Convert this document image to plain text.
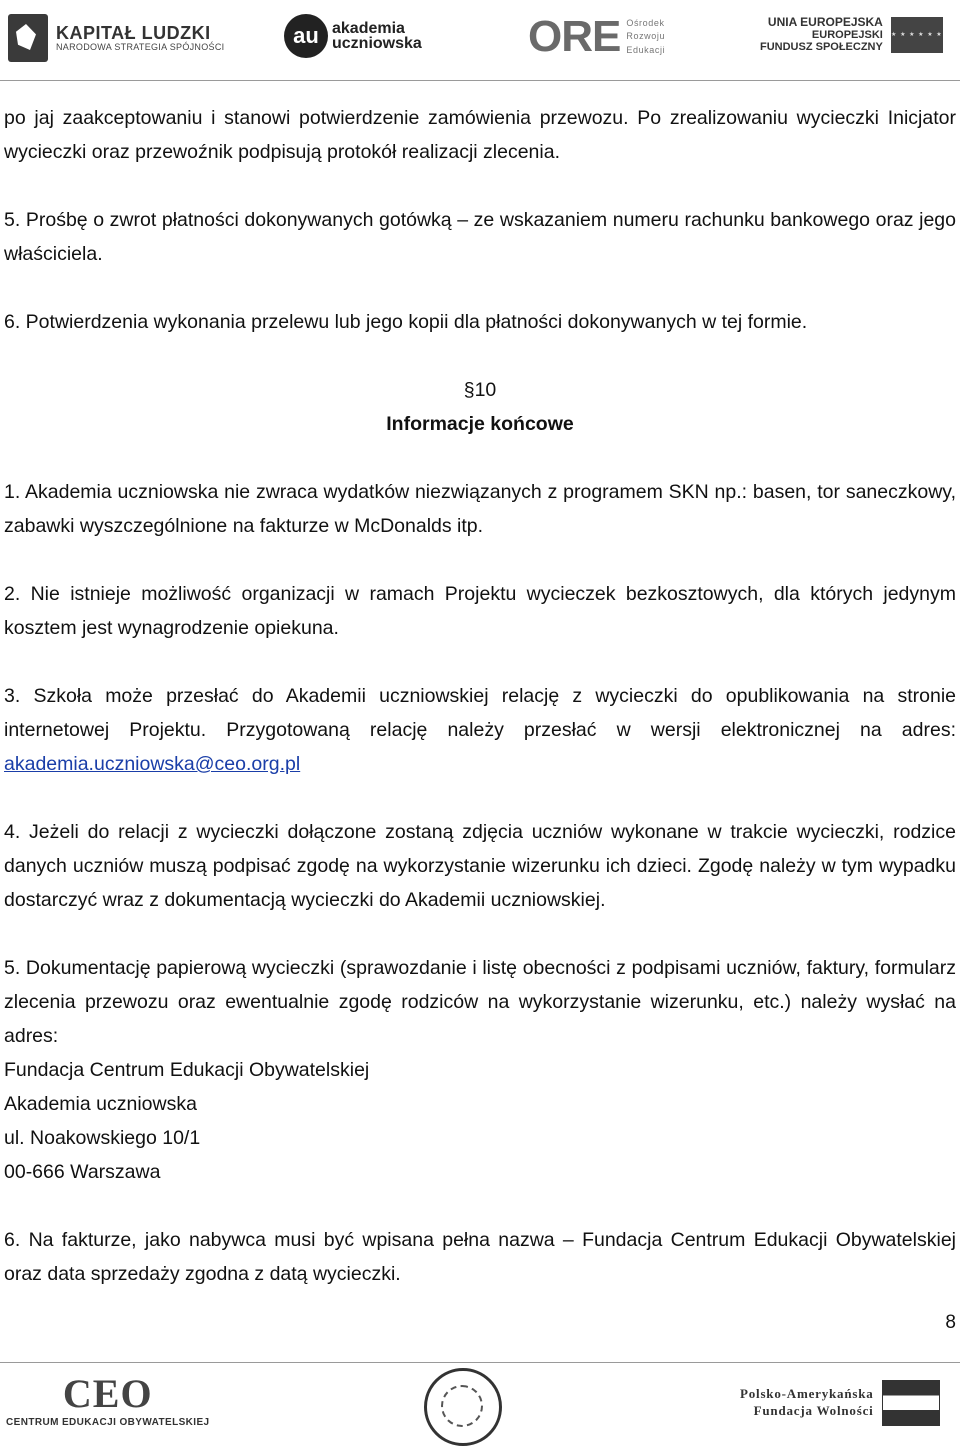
KAPITAŁ LUDZKI
NARODOWA STRATEGIA SPÓJNOŚCI	au akademia
uczniowska ORE Ośrodek
Rozwoju
Edukacji
UNIA EUROPEJSKA
EUROPEJSKI
FUNDUSZ SPOŁECZNY
★ ★ ★ ★ ★ ★

po jaj zaakceptowaniu i stanowi potwierdzenie zamówienia przewozu. Po zrealizowaniu wycieczki Inicjator wycieczki oraz przewoźnik podpisują protokół realizacji zlecenia.

5. Prośbę o zwrot płatności dokonywanych gotówką – ze wskazaniem numeru rachunku bankowego oraz jego właściciela.

6. Potwierdzenia wykonania przelewu lub jego kopii dla płatności dokonywanych w tej formie.

§10

Informacje końcowe

1. Akademia uczniowska nie zwraca wydatków niezwiązanych z programem SKN np.: basen, tor saneczkowy, zabawki wyszczególnione na fakturze w McDonalds itp.

2. Nie istnieje możliwość organizacji w ramach Projektu wycieczek bezkosztowych, dla których jedynym kosztem jest wynagrodzenie opiekuna.

3. Szkoła może przesłać do Akademii uczniowskiej relację z wycieczki do opublikowania na stronie internetowej Projektu. Przygotowaną relację należy przesłać w wersji elektronicznej na adres: akademia.uczniowska@ceo.org.pl

4. Jeżeli do relacji z wycieczki dołączone zostaną zdjęcia uczniów wykonane w trakcie wycieczki, rodzice danych uczniów muszą podpisać zgodę na wykorzystanie wizerunku ich dzieci. Zgodę należy w tym wypadku dostarczyć wraz z dokumentacją wycieczki do Akademii uczniowskiej.

5. Dokumentację papierową wycieczki (sprawozdanie i listę obecności z podpisami uczniów, faktury, formularz zlecenia przewozu oraz ewentualnie zgodę rodziców na wykorzystanie wizerunku, etc.) należy wysłać na adres:

Fundacja Centrum Edukacji Obywatelskiej

Akademia uczniowska

ul. Noakowskiego 10/1

00-666 Warszawa

6. Na fakturze, jako nabywca musi być wpisana pełna nazwa – Fundacja Centrum Edukacji Obywatelskiej oraz data sprzedaży zgodna z datą wycieczki.

8
CEO
CENTRUM EDUKACJI OBYWATELSKIEJ
Polsko-Amerykańska
Fundacja Wolności
